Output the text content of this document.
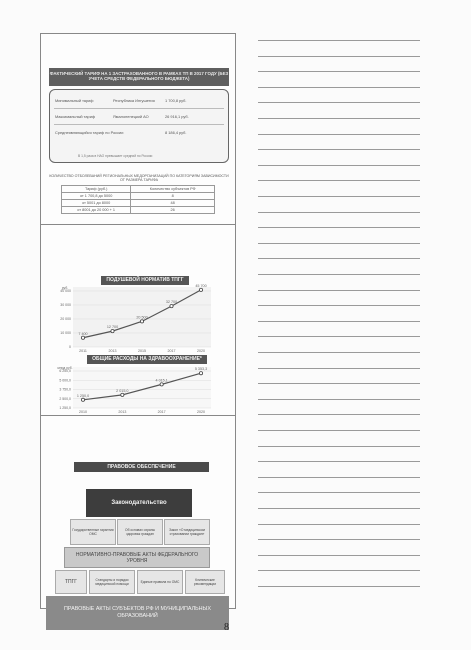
ФАКТИЧЕСКИЙ ТАРИФ НА 1 ЗАСТРАХОВАННОГО В РАМКАХ ТП В 2017 ГОДУ (БЕЗ УЧЕТА СРЕДСТВ ФЕДЕРАЛЬНОГО БЮДЖЕТА)
Минимальный тариф	Республика Ингушетия	1 700,8 руб.
Максимальный тариф	Ямалоненецкий АО	26 916,1 руб.
Среднеявляющийся тариф по России	8 186,4 руб.
В 1,5 раза в НАО превышает средний по России
КОЛИЧЕСТВО ОТБОЛЕВАНИЙ РЕГИОНАЛЬНЫХ МЕДОРГАНИЗАЦИЙ ПО КАТЕГОРИЯМ ЗАВИСИМОСТИ ОТ РАЗМЕРА ТАРИФА
Тариф (руб.)	Количество субъектов РФ
от 1 700,8 до 5000	8
от 5001 до 8000	48
от 8001 до 20 000 + 1	26
ПОДУШЕВОЙ НОРМАТИВ ТПГГ
ОБЩИЕ РАСХОДЫ НА ЗДРАВООХРАНЕНИЕ*
0
10 000
20 000
30 000
40 000
руб.
7 400
2011
12 700
2013
20 500
2015
32 700
2017
45 700
2020
1 250,0
2 500,0
3 750,0
5 000,0
6 250,0
млрд руб.
1 250,0
2010
2 015,0
2013
4 015,1
2017
5 353,3
2020
ПРАВОВОЕ ОБЕСПЕЧЕНИЕ
Законодательство
Государственные гарантии ОМС
Об основах охраны здоровья граждан
Закон «О медицинском страховании граждан»
НОРМАТИВНО-ПРАВОВЫЕ АКТЫ ФЕДЕРАЛЬНОГО УРОВНЯ
ТПГГ	Стандарты и порядки медицинской помощи	Единые правила по ОМС	Клинические рекомендации
ПРАВОВЫЕ АКТЫ СУБЪЕКТОВ РФ И МУНИЦИПАЛЬНЫХ ОБРАЗОВАНИЙ
8
